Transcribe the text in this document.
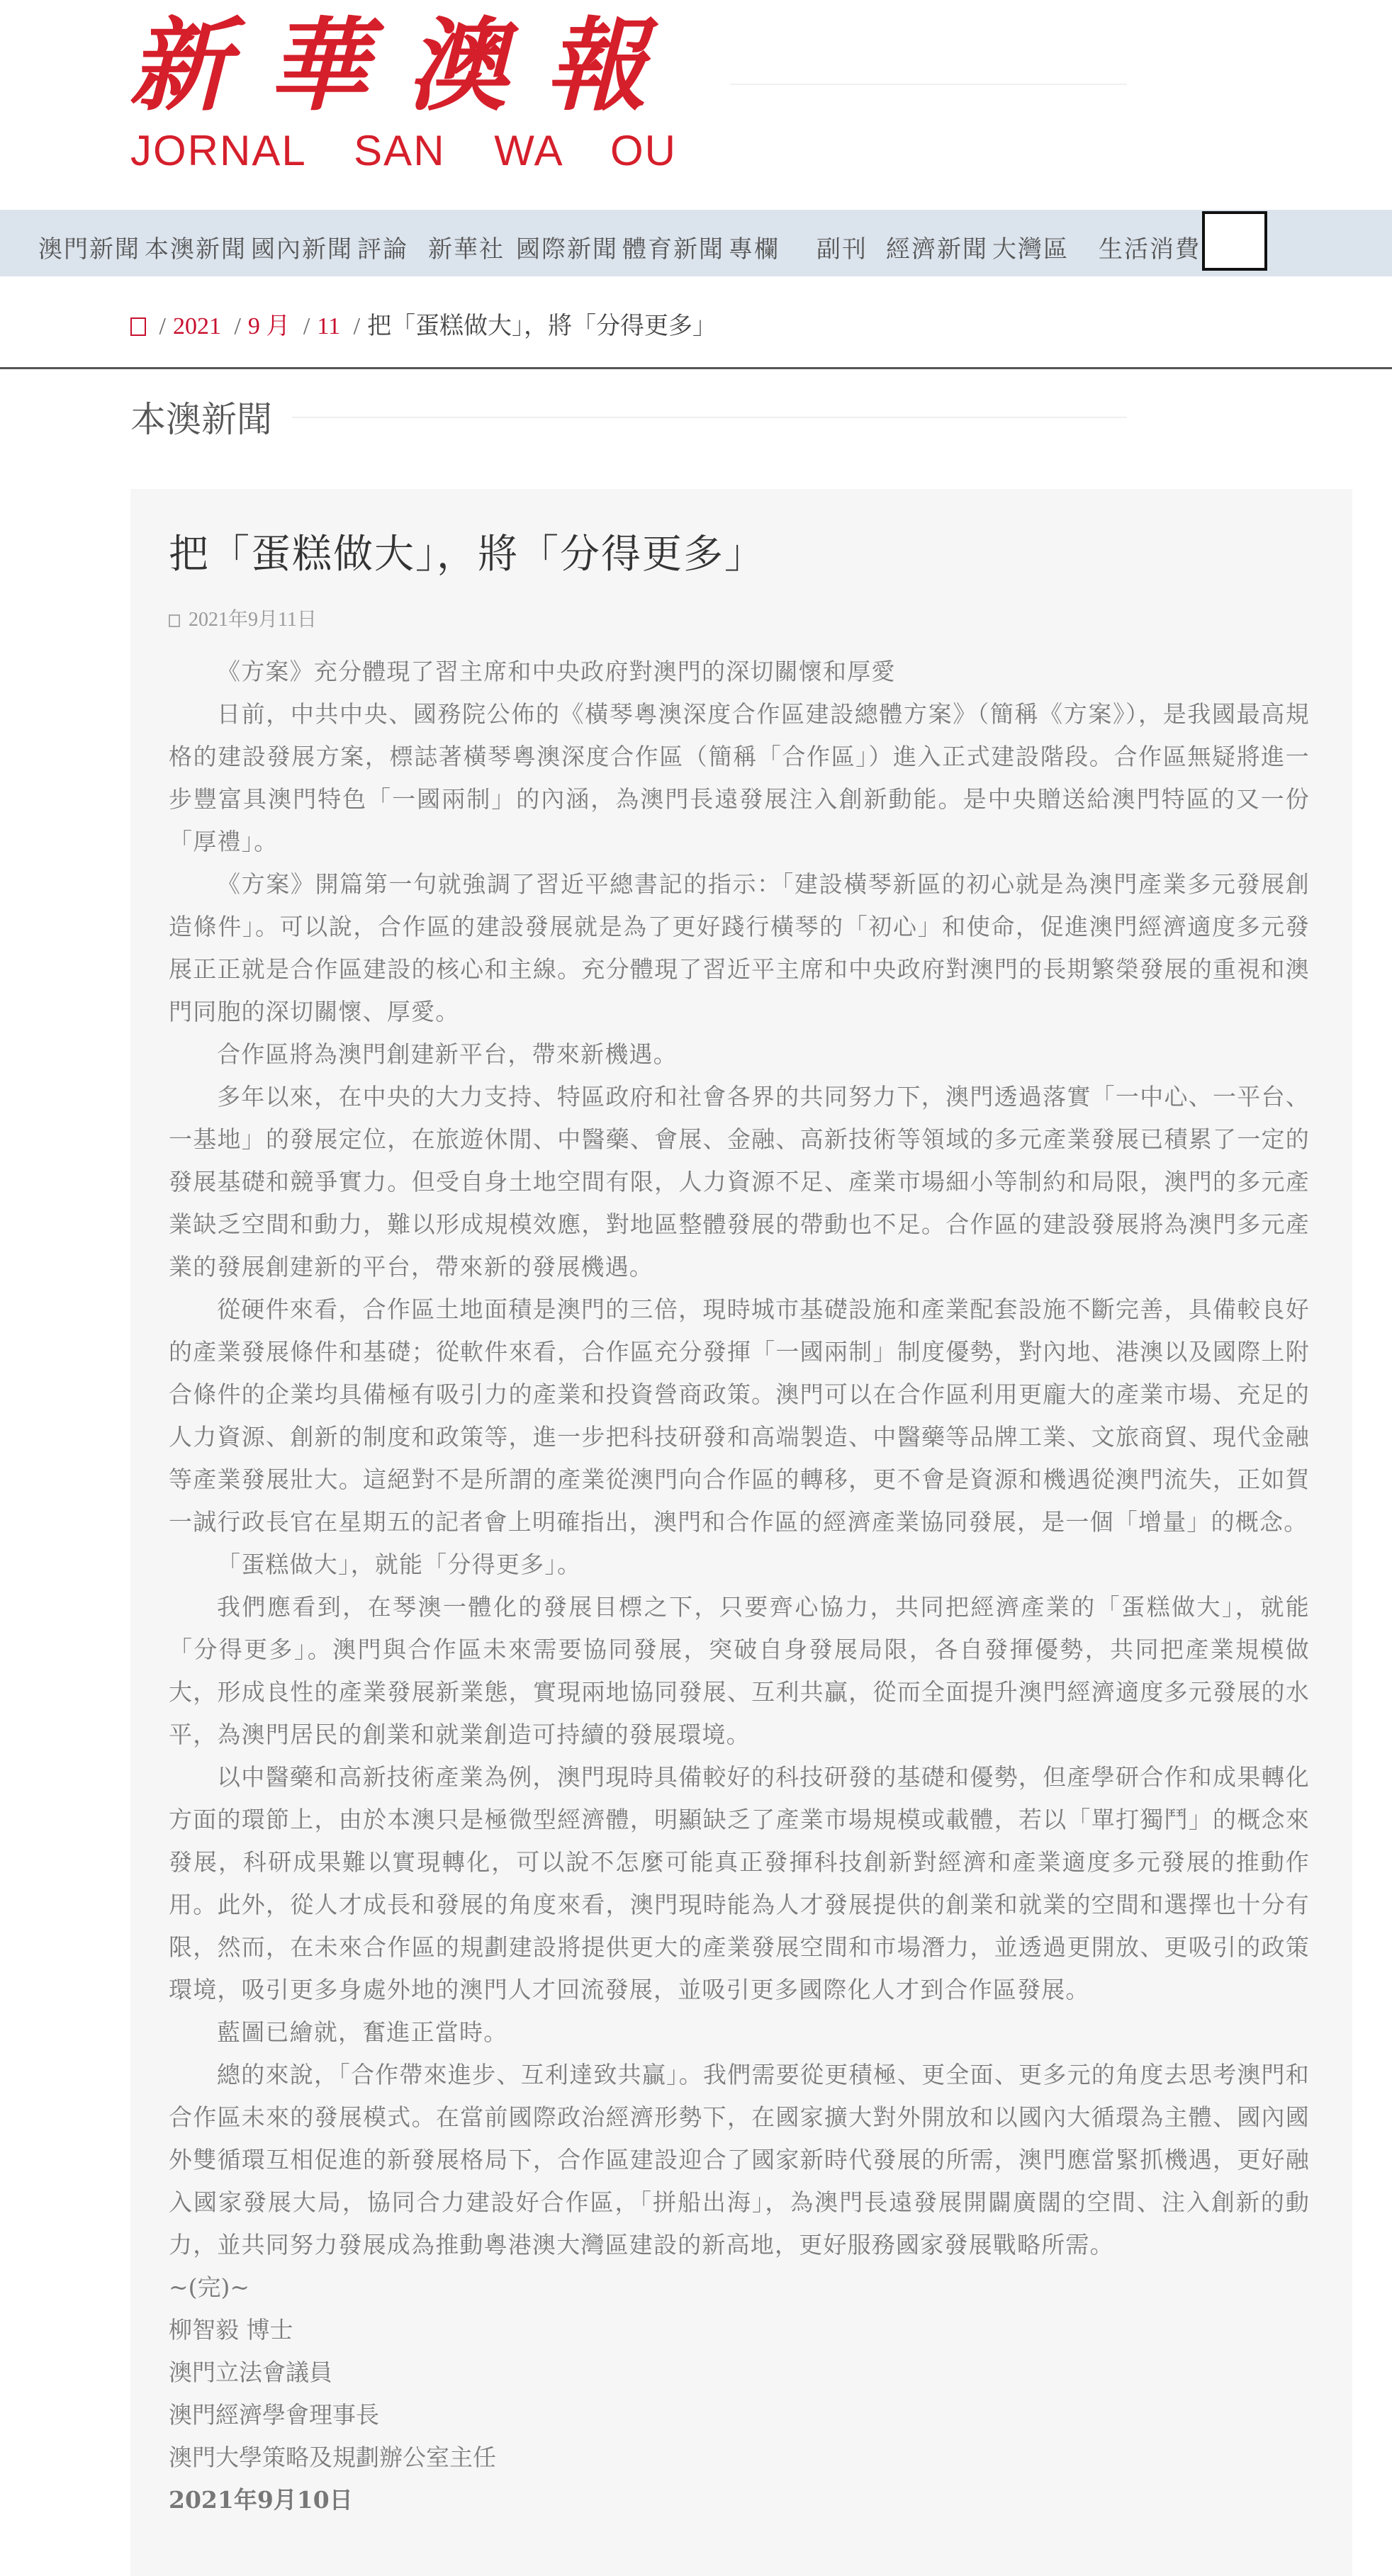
新華澳報
JORNAL SAN WA OU
澳門新聞 本澳新聞 國內新聞 評論 新華社 國際新聞 體育新聞 專欄 副刊 經濟新聞 大灣區 生活消費
/ 2021 / 9 月 / 11 / 把「蛋糕做大」，將「分得更多」
本澳新聞
把「蛋糕做大」，將「分得更多」
2021年9月11日

《方案》充分體現了習主席和中央政府對澳門的深切關懷和厚愛

日前，中共中央、國務院公佈的《橫琴粵澳深度合作區建設總體方案》（簡稱《方案》），是我國最高規格的建設發展方案，標誌著橫琴粵澳深度合作區（簡稱「合作區」）進入正式建設階段。合作區無疑將進一步豐富具澳門特色「一國兩制」的內涵，為澳門長遠發展注入創新動能。是中央贈送給澳門特區的又一份「厚禮」。

《方案》開篇第一句就強調了習近平總書記的指示：「建設橫琴新區的初心就是為澳門產業多元發展創造條件」。可以說，合作區的建設發展就是為了更好踐行橫琴的「初心」和使命，促進澳門經濟適度多元發展正正就是合作區建設的核心和主線。充分體現了習近平主席和中央政府對澳門的長期繁榮發展的重視和澳門同胞的深切關懷、厚愛。

合作區將為澳門創建新平台，帶來新機遇。

多年以來，在中央的大力支持、特區政府和社會各界的共同努力下，澳門透過落實「一中心、一平台、一基地」的發展定位，在旅遊休閒、中醫藥、會展、金融、高新技術等領域的多元產業發展已積累了一定的發展基礎和競爭實力。但受自身土地空間有限，人力資源不足、產業市場細小等制約和局限，澳門的多元產業缺乏空間和動力，難以形成規模效應，對地區整體發展的帶動也不足。合作區的建設發展將為澳門多元產業的發展創建新的平台，帶來新的發展機遇。

從硬件來看，合作區土地面積是澳門的三倍，現時城市基礎設施和產業配套設施不斷完善，具備較良好的產業發展條件和基礎；從軟件來看，合作區充分發揮「一國兩制」制度優勢，對內地、港澳以及國際上附合條件的企業均具備極有吸引力的產業和投資營商政策。澳門可以在合作區利用更龐大的產業市場、充足的人力資源、創新的制度和政策等，進一步把科技研發和高端製造、中醫藥等品牌工業、文旅商貿、現代金融等產業發展壯大。這絕對不是所謂的產業從澳門向合作區的轉移，更不會是資源和機遇從澳門流失，正如賀一誠行政長官在星期五的記者會上明確指出，澳門和合作區的經濟產業協同發展，是一個「增量」的概念。

「蛋糕做大」，就能「分得更多」。

我們應看到，在琴澳一體化的發展目標之下，只要齊心協力，共同把經濟產業的「蛋糕做大」，就能「分得更多」。澳門與合作區未來需要協同發展，突破自身發展局限，各自發揮優勢，共同把產業規模做大，形成良性的產業發展新業態，實現兩地協同發展、互利共贏，從而全面提升澳門經濟適度多元發展的水平，為澳門居民的創業和就業創造可持續的發展環境。

以中醫藥和高新技術產業為例，澳門現時具備較好的科技研發的基礎和優勢，但產學研合作和成果轉化方面的環節上，由於本澳只是極微型經濟體，明顯缺乏了產業市場規模或載體，若以「單打獨鬥」的概念來發展，科研成果難以實現轉化，可以說不怎麼可能真正發揮科技創新對經濟和產業適度多元發展的推動作用。此外，從人才成長和發展的角度來看，澳門現時能為人才發展提供的創業和就業的空間和選擇也十分有限，然而，在未來合作區的規劃建設將提供更大的產業發展空間和市場潛力，並透過更開放、更吸引的政策環境，吸引更多身處外地的澳門人才回流發展，並吸引更多國際化人才到合作區發展。

藍圖已繪就，奮進正當時。

總的來說，「合作帶來進步、互利達致共贏」。我們需要從更積極、更全面、更多元的角度去思考澳門和合作區未來的發展模式。在當前國際政治經濟形勢下，在國家擴大對外開放和以國內大循環為主體、國內國外雙循環互相促進的新發展格局下，合作區建設迎合了國家新時代發展的所需，澳門應當緊抓機遇，更好融入國家發展大局，協同合力建設好合作區，「拼船出海」，為澳門長遠發展開闢廣闊的空間、注入創新的動力，並共同努力發展成為推動粵港澳大灣區建設的新高地，更好服務國家發展戰略所需。

~(完)~

柳智毅 博士

澳門立法會議員

澳門經濟學會理事長

澳門大學策略及規劃辦公室主任

2021年9月10日
